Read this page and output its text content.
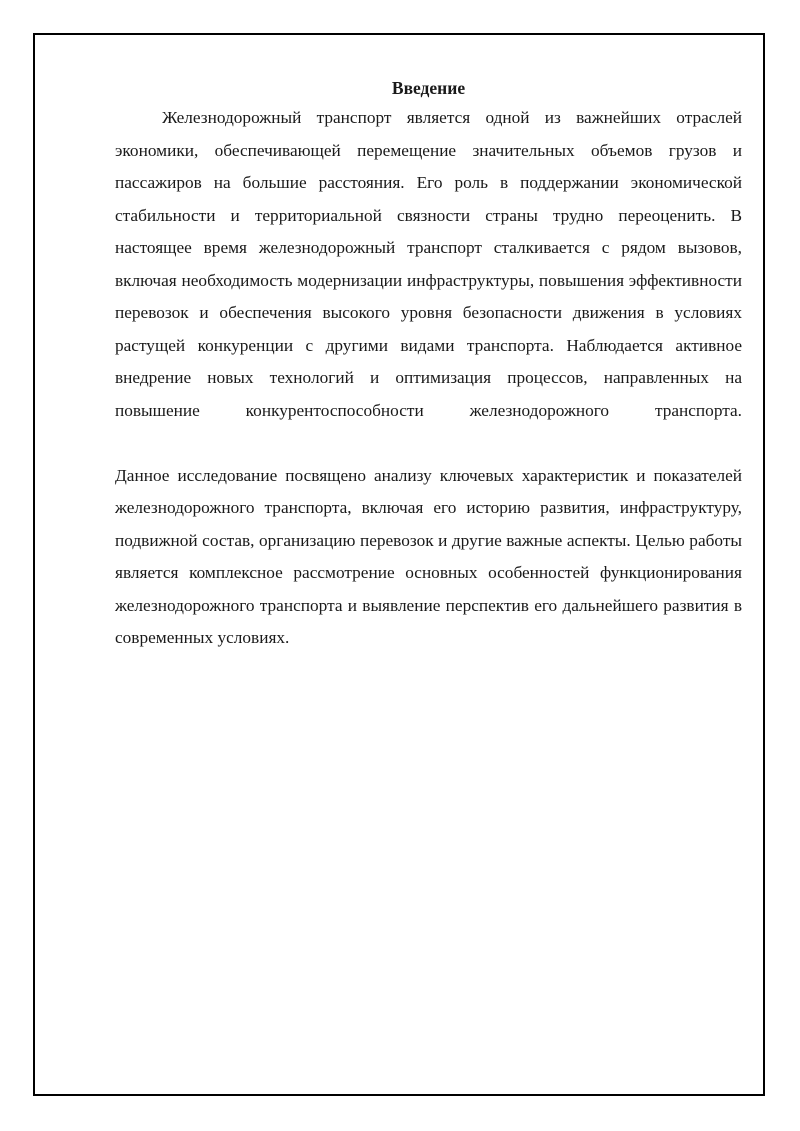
Введение

Железнодорожный транспорт является одной из важнейших отраслей экономики, обеспечивающей перемещение значительных объемов грузов и пассажиров на большие расстояния. Его роль в поддержании экономической стабильности и территориальной связности страны трудно переоценить. В настоящее время железнодорожный транспорт сталкивается с рядом вызовов, включая необходимость модернизации инфраструктуры, повышения эффективности перевозок и обеспечения высокого уровня безопасности движения в условиях растущей конкуренции с другими видами транспорта. Наблюдается активное внедрение новых технологий и оптимизация процессов, направленных на повышение конкурентоспособности железнодорожного транспорта.

Данное исследование посвящено анализу ключевых характеристик и показателей железнодорожного транспорта, включая его историю развития, инфраструктуру, подвижной состав, организацию перевозок и другие важные аспекты. Целью работы является комплексное рассмотрение основных особенностей функционирования железнодорожного транспорта и выявление перспектив его дальнейшего развития в современных условиях.
